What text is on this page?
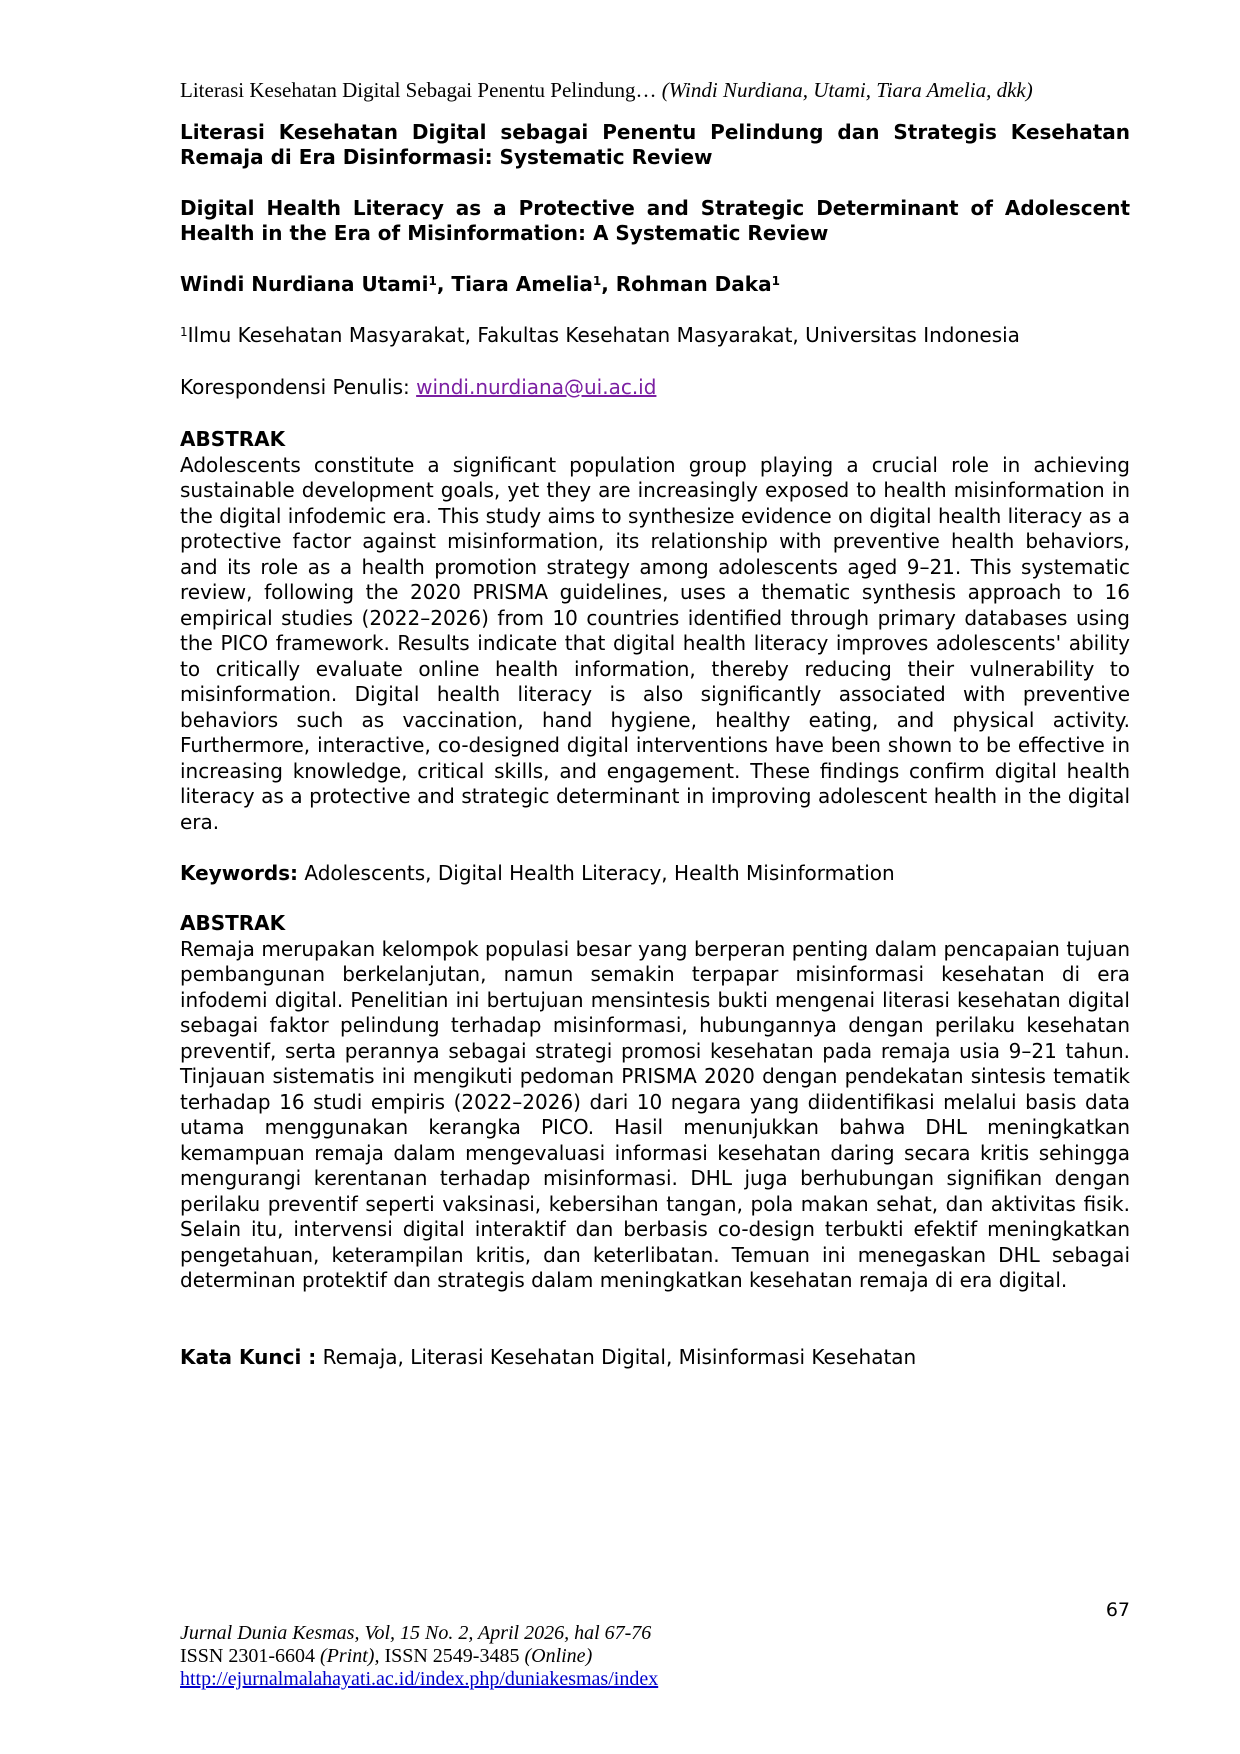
Literasi Kesehatan Digital Sebagai Penentu Pelindung… (Windi Nurdiana, Utami, Tiara Amelia, dkk)
Literasi Kesehatan Digital sebagai Penentu Pelindung dan Strategis Kesehatan Remaja di Era Disinformasi: Systematic Review
Digital Health Literacy as a Protective and Strategic Determinant of Adolescent Health in the Era of Misinformation: A Systematic Review
Windi Nurdiana Utami$^1$, Tiara Amelia$^1$, Rohman Daka$^1$
$^1$Ilmu Kesehatan Masyarakat, Fakultas Kesehatan Masyarakat, Universitas Indonesia
Korespondensi Penulis: windi.nurdiana@ui.ac.id
ABSTRAK
Adolescents constitute a significant population group playing a crucial role in achieving sustainable development goals, yet they are increasingly exposed to health misinformation in the digital infodemic era. This study aims to synthesize evidence on digital health literacy as a protective factor against misinformation, its relationship with preventive health behaviors, and its role as a health promotion strategy among adolescents aged 9–21. This systematic review, following the 2020 PRISMA guidelines, uses a thematic synthesis approach to 16 empirical studies (2022–2026) from 10 countries identified through primary databases using the PICO framework. Results indicate that digital health literacy improves adolescents' ability to critically evaluate online health information, thereby reducing their vulnerability to misinformation. Digital health literacy is also significantly associated with preventive behaviors such as vaccination, hand hygiene, healthy eating, and physical activity. Furthermore, interactive, co-designed digital interventions have been shown to be effective in increasing knowledge, critical skills, and engagement. These findings confirm digital health literacy as a protective and strategic determinant in improving adolescent health in the digital era.
Keywords: Adolescents, Digital Health Literacy, Health Misinformation
ABSTRAK
Remaja merupakan kelompok populasi besar yang berperan penting dalam pencapaian tujuan pembangunan berkelanjutan, namun semakin terpapar misinformasi kesehatan di era infodemi digital. Penelitian ini bertujuan mensintesis bukti mengenai literasi kesehatan digital sebagai faktor pelindung terhadap misinformasi, hubungannya dengan perilaku kesehatan preventif, serta perannya sebagai strategi promosi kesehatan pada remaja usia 9–21 tahun. Tinjauan sistematis ini mengikuti pedoman PRISMA 2020 dengan pendekatan sintesis tematik terhadap 16 studi empiris (2022–2026) dari 10 negara yang diidentifikasi melalui basis data utama menggunakan kerangka PICO. Hasil menunjukkan bahwa DHL meningkatkan kemampuan remaja dalam mengevaluasi informasi kesehatan daring secara kritis sehingga mengurangi kerentanan terhadap misinformasi. DHL juga berhubungan signifikan dengan perilaku preventif seperti vaksinasi, kebersihan tangan, pola makan sehat, dan aktivitas fisik. Selain itu, intervensi digital interaktif dan berbasis co-design terbukti efektif meningkatkan pengetahuan, keterampilan kritis, dan keterlibatan. Temuan ini menegaskan DHL sebagai determinan protektif dan strategis dalam meningkatkan kesehatan remaja di era digital.
Kata Kunci : Remaja, Literasi Kesehatan Digital, Misinformasi Kesehatan
67
Jurnal Dunia Kesmas, Vol, 15 No. 2, April 2026, hal 67-76
ISSN 2301-6604 (Print), ISSN 2549-3485 (Online)
http://ejurnalmalahayati.ac.id/index.php/duniakesmas/index
